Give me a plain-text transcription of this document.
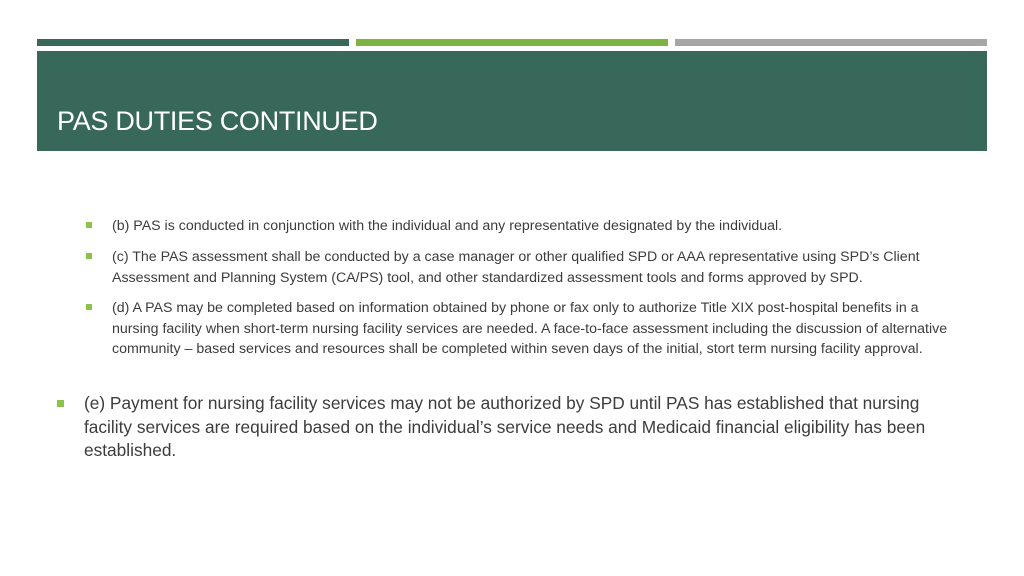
PAS DUTIES CONTINUED
(b) PAS is conducted in conjunction with the individual and any representative designated by the individual.
(c) The PAS assessment shall be conducted by a case manager or other qualified SPD or AAA representative using SPD’s Client Assessment and Planning System (CA/PS) tool, and other standardized assessment tools and forms approved by SPD.
(d) A PAS may be completed based on information obtained by phone or fax only to authorize Title XIX post-hospital benefits in a nursing facility when short-term nursing facility services are needed. A face-to-face assessment including the discussion of alternative community – based services and resources shall be completed within seven days of the initial, stort term nursing facility approval.
(e) Payment for nursing facility services may not be authorized by SPD until PAS has established that nursing facility services are required based on the individual’s service needs and Medicaid financial eligibility has been established.
